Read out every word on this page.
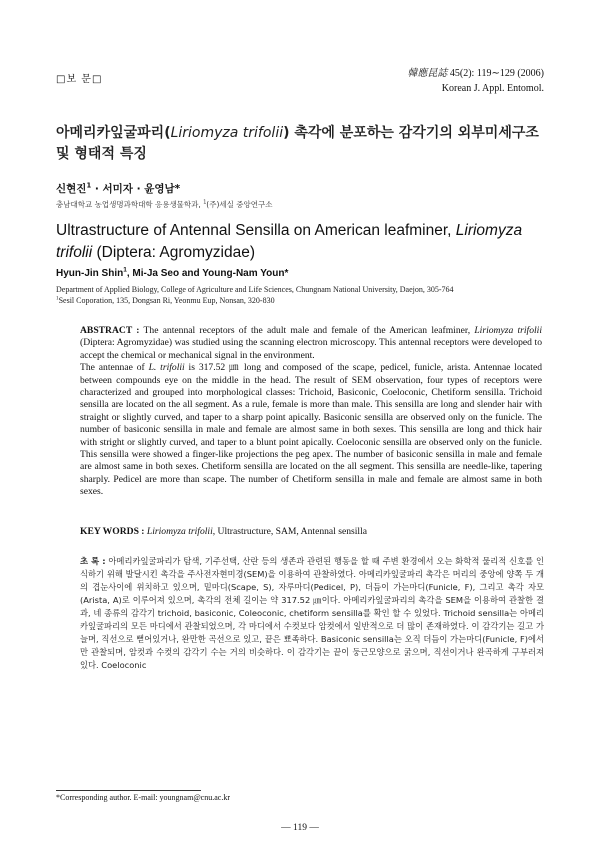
□보 문□
韓應昆誌 45(2): 119∼129 (2006)
Korean J. Appl. Entomol.
아메리카잎굴파리(Liriomyza trifolii) 촉각에 분포하는 감각기의 외부미세구조 및 형태적 특징
신현진$^1$ · 서미자 · 윤영남*
충남대학교 농업생명과학대학 응용생물학과, $^1$(주)세실 중앙연구소
Ultrastructure of Antennal Sensilla on American leafminer, Liriomyza trifolii (Diptera: Agromyzidae)
Hyun-Jin Shin$^1$, Mi-Ja Seo and Young-Nam Youn*
Department of Applied Biology, College of Agriculture and Life Sciences, Chungnam National University, Daejon, 305-764
$^1$Sesil Coporation, 135, Dongsan Ri, Yeonmu Eup, Nonsan, 320-830

ABSTRACT : The antennal receptors of the adult male and female of the American leafminer, Liriomyza trifolii (Diptera: Agromyzidae) was studied using the scanning electron microscopy. This antennal receptors were developed to accept the chemical or mechanical signal in the environment.

The antennae of L. trifolii is 317.52 ㎛ long and composed of the scape, pedicel, funicle, arista. Antennae located between compounds eye on the middle in the head. The result of SEM observation, four types of receptors were characterized and grouped into morphological classes: Trichoid, Basiconic, Coeloconic, Chetiform sensilla. Trichoid sensilla are located on the all segment. As a rule, female is more than male. This sensilla are long and slender hair with straight or slightly curved, and taper to a sharp point apically. Basiconic sensilla are observed only on the funicle. The number of basiconic sensilla in male and female are almost same in both sexes. This sensilla are long and thick hair with stright or slightly curved, and taper to a blunt point apically. Coeloconic sensilla are observed only on the funicle. This sensilla were showed a finger-like projections the peg apex. The number of basiconic sensilla in male and female are almost same in both sexes. Chetiform sensilla are located on the all segment. This sensilla are needle-like, tapering sharply. Pedicel are more than scape. The number of Chetiform sensilla in male and female are almost same in both sexes.

KEY WORDS : Liriomyza trifolii, Ultrastructure, SAM, Antennal sensilla
초 록 : 아메리카잎굴파리가 탐색, 기주선택, 산란 등의 생존과 관련된 행동을 할 때 주변 환경에서 오는 화학적 물리적 신호를 인식하기 위해 발달시킨 촉각을 주사전자현미경(SEM)을 이용하여 관찰하였다. 아메리카잎굴파리 촉각은 머리의 중앙에 양쪽 두 개의 겹눈사이에 위치하고 있으며, 밑마디(Scape, S), 자루마디(Pedicel, P), 더듬이 가는마디(Funicle, F), 그리고 촉각 자모(Arista, A)로 이루어져 있으며, 촉각의 전체 길이는 약 317.52 ㎛이다. 아메리카잎굴파리의 촉각을 SEM을 이용하여 관찰한 결과, 네 종류의 감각기 trichoid, basiconic, Coleoconic, chetiform sensilla를 확인 할 수 있었다. Trichoid sensilla는 아메리카잎굴파리의 모든 마디에서 관찰되었으며, 각 마디에서 수컷보다 암컷에서 일반적으로 더 많이 존재하였다. 이 감각기는 길고 가늘며, 직선으로 뻗어있거나, 완만한 곡선으로 있고, 끝은 뾰족하다. Basiconic sensilla는 오직 더듬이 가는마디(Funicle, F)에서만 관찰되며, 암컷과 수컷의 감각기 수는 거의 비슷하다. 이 감각기는 끝이 둥근모양으로 굵으며, 직선이거나 완곡하게 구부러져 있다. Coeloconic
*Corresponding author. E-mail: youngnam@cnu.ac.kr
— 119 —
